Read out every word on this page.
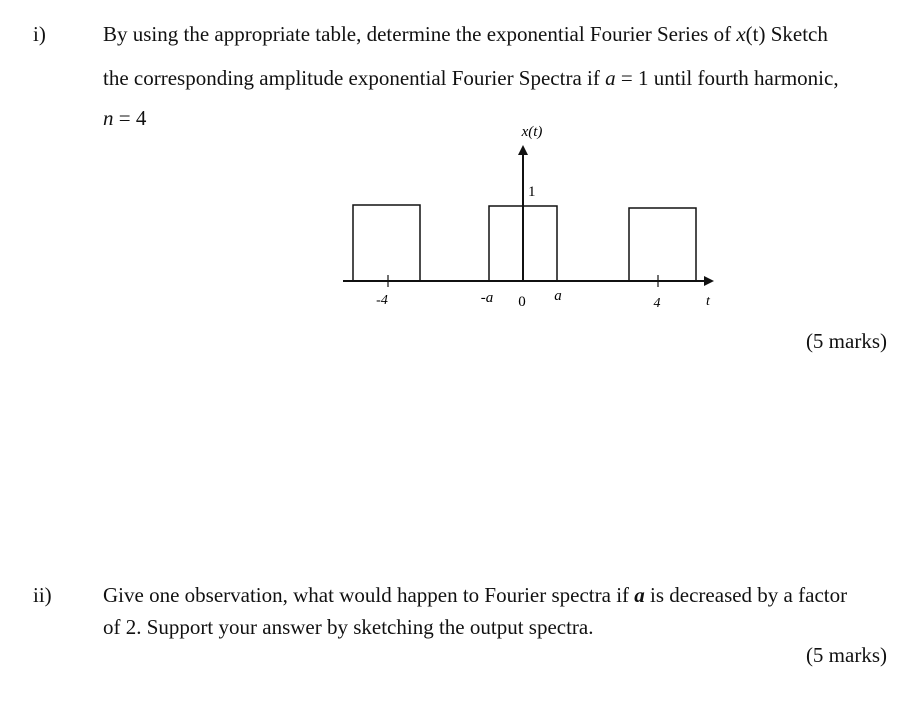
i)	By using the appropriate table, determine the exponential Fourier Series of x(t) Sketch
the corresponding amplitude exponential Fourier Spectra if a = 1 until fourth harmonic,
n = 4
x(t)
1
-4	-a 0 a	4	t
(5 marks)
ii) Give one observation, what would happen to Fourier spectra if a is decreased by a factor
of 2. Support your answer by sketching the output spectra.
(5 marks)
